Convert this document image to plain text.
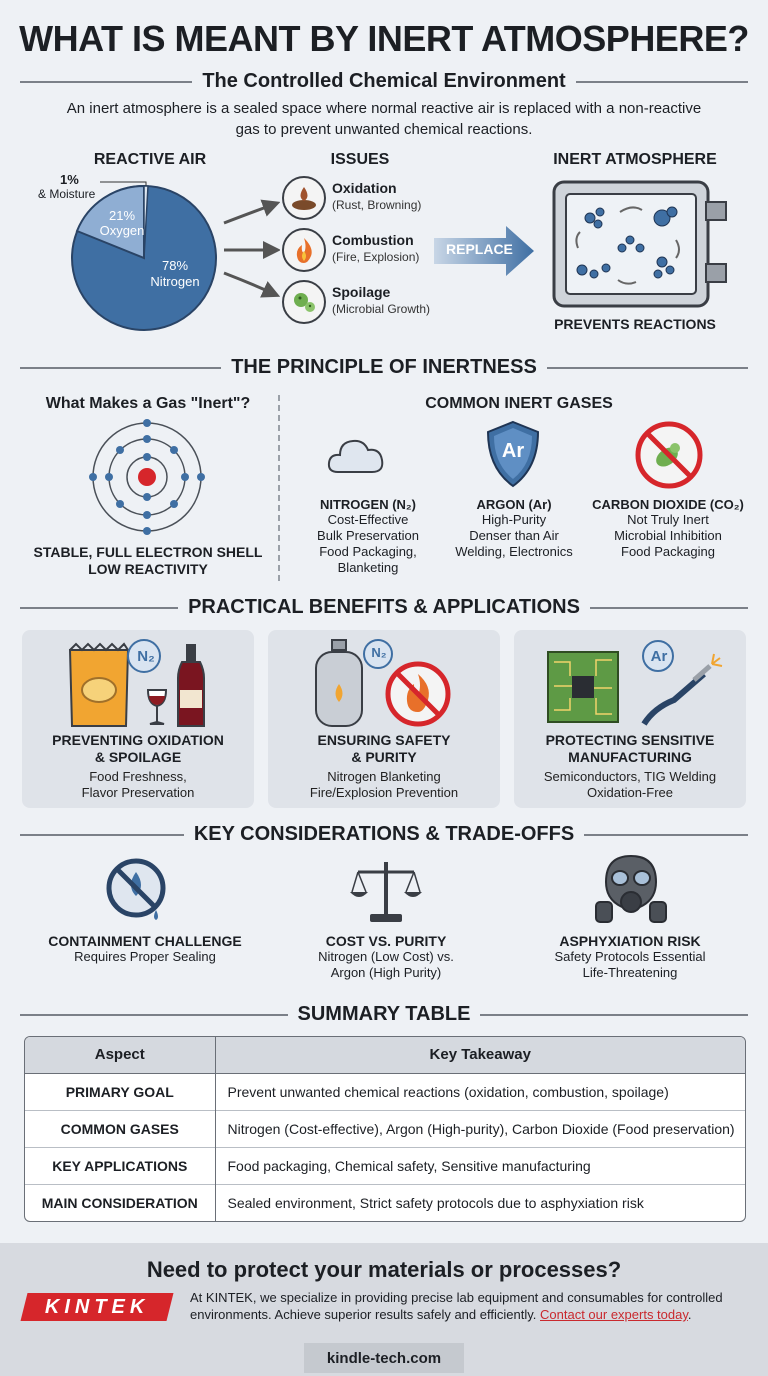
WHAT IS MEANT BY INERT ATMOSPHERE?
The Controlled Chemical Environment
An inert atmosphere is a sealed space where normal reactive air is replaced with a non-reactive gas to prevent unwanted chemical reactions.
REACTIVE AIR
1%
& Moisture
21%
Oxygen
78%
Nitrogen
ISSUES
Oxidation
(Rust, Browning)
Combustion
(Fire, Explosion)
Spoilage
(Microbial Growth)
REPLACE
INERT ATMOSPHERE
PREVENTS REACTIONS
THE PRINCIPLE OF INERTNESS
What Makes a Gas "Inert"?
STABLE, FULL ELECTRON SHELL
LOW REACTIVITY
COMMON INERT GASES
Ar
NITROGEN (N₂)
Cost-Effective
Bulk Preservation
Food Packaging,
Blanketing
ARGON (Ar)
High-Purity
Denser than Air
Welding, Electronics
CARBON DIOXIDE (CO₂)
Not Truly Inert
Microbial Inhibition
Food Packaging
PRACTICAL BENEFITS & APPLICATIONS
N₂
PREVENTING OXIDATION
& SPOILAGE
Food Freshness,
Flavor Preservation
N₂
ENSURING SAFETY
& PURITY
Nitrogen Blanketing
Fire/Explosion Prevention
Ar
PROTECTING SENSITIVE
MANUFACTURING
Semiconductors, TIG Welding
Oxidation-Free
KEY CONSIDERATIONS & TRADE-OFFS
CONTAINMENT CHALLENGE
Requires Proper Sealing
COST VS. PURITY
Nitrogen (Low Cost) vs.
Argon (High Purity)
ASPHYXIATION RISK
Safety Protocols Essential
Life-Threatening
SUMMARY TABLE
Aspect	Key Takeaway
PRIMARY GOAL	Prevent unwanted chemical reactions (oxidation, combustion, spoilage)
COMMON GASES	Nitrogen (Cost-effective), Argon (High-purity), Carbon Dioxide (Food preservation)
KEY APPLICATIONS	Food packaging, Chemical safety, Sensitive manufacturing
MAIN CONSIDERATION	Sealed environment, Strict safety protocols due to asphyxiation risk
Need to protect your materials or processes?
KINTEK	At KINTEK, we specialize in providing precise lab equipment and consumables for controlled environments. Achieve superior results safely and efficiently. Contact our experts today.
kindle-tech.com
